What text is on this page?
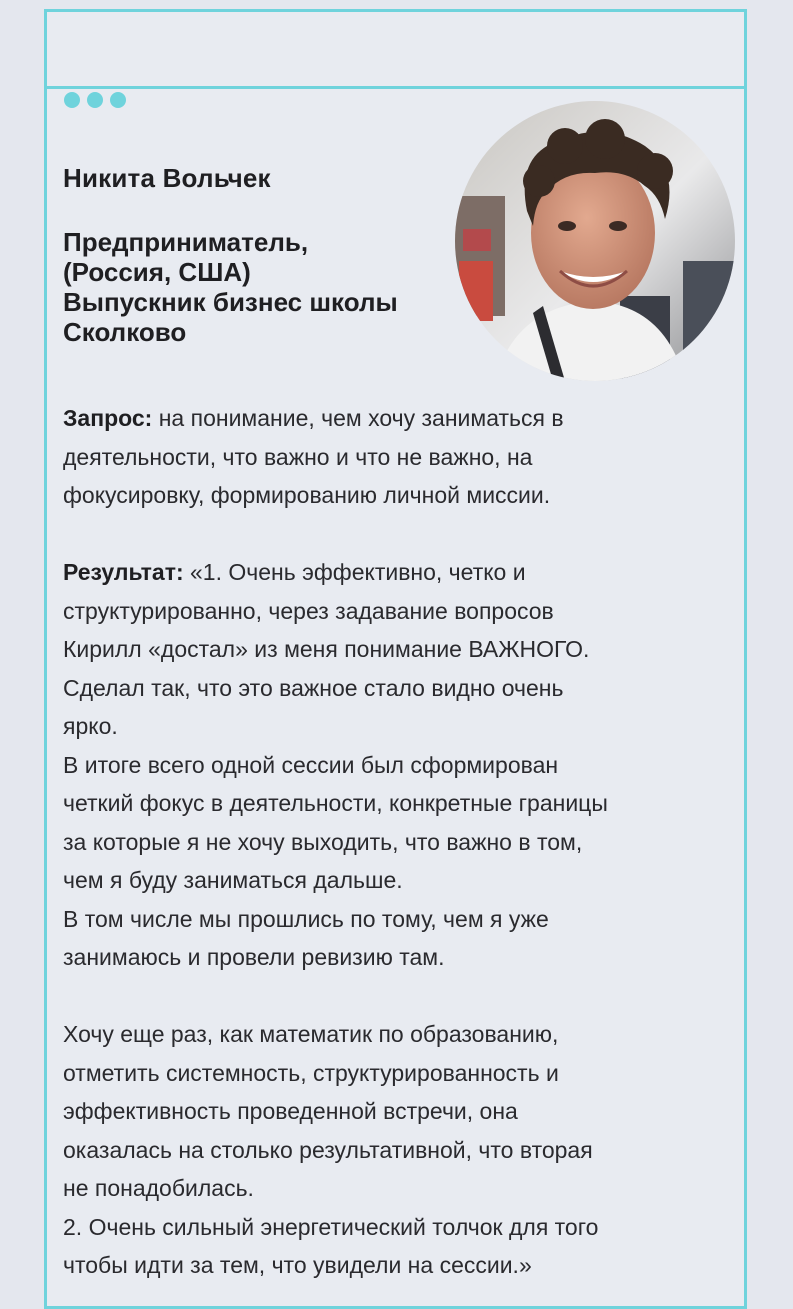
Никита Вольчек
Предприниматель,
(Россия, США)
Выпускник бизнес школы
Сколково

Запрос: на понимание, чем хочу заниматься в
деятельности, что важно и что не важно, на
фокусировку, формированию личной миссии.

Результат: «1. Очень эффективно, четко и
структурированно, через задавание вопросов
Кирилл «достал» из меня понимание ВАЖНОГО.
Сделал так, что это важное стало видно очень
ярко.
В итоге всего одной сессии был сформирован
четкий фокус в деятельности, конкретные границы
за которые я не хочу выходить, что важно в том,
чем я буду заниматься дальше.
В том числе мы прошлись по тому, чем я уже
занимаюсь и провели ревизию там.

Хочу еще раз, как математик по образованию,
отметить системность, структурированность и
эффективность проведенной встречи, она
оказалась на столько результативной, что вторая
не понадобилась.
2. Очень сильный энергетический толчок для того
чтобы идти за тем, что увидели на сессии.»
